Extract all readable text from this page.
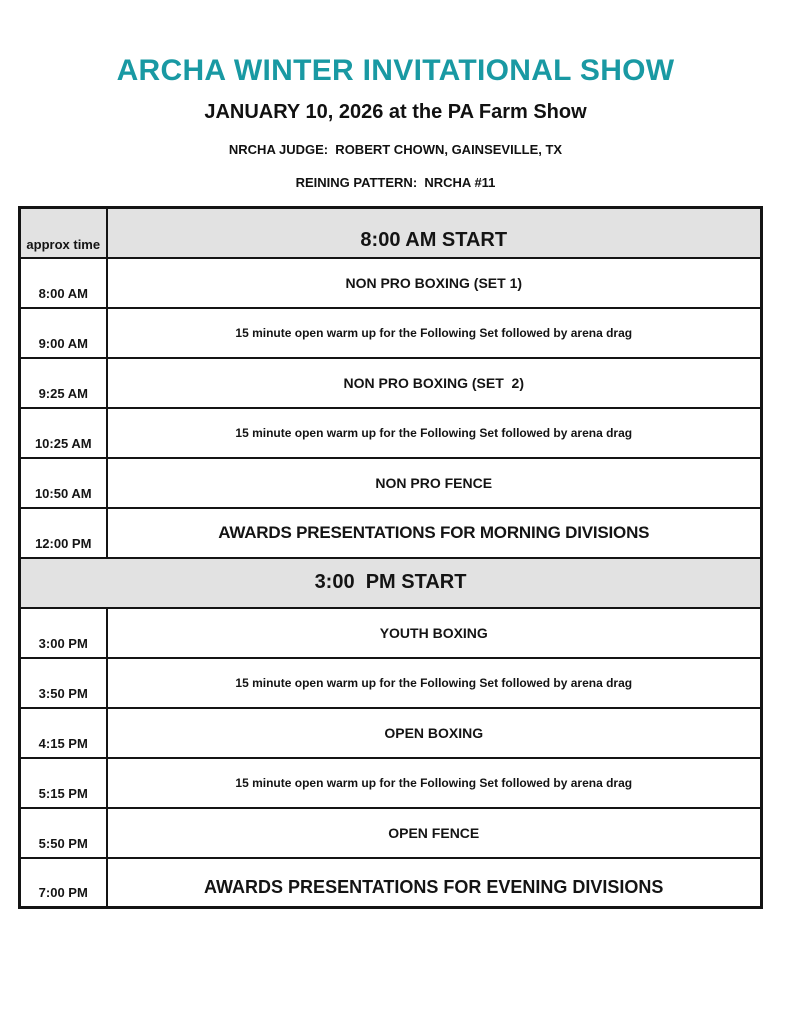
ARCHA WINTER INVITATIONAL SHOW
JANUARY 10, 2026 at the PA Farm Show
NRCHA JUDGE:  ROBERT CHOWN, GAINSEVILLE, TX
REINING PATTERN:  NRCHA #11
approx time	8:00 AM START
8:00 AM	NON PRO BOXING (SET 1)
9:00 AM	15 minute open warm up for the Following Set followed by arena drag
9:25 AM	NON PRO BOXING (SET  2)
10:25 AM	15 minute open warm up for the Following Set followed by arena drag
10:50 AM	NON PRO FENCE
12:00 PM	AWARDS PRESENTATIONS FOR MORNING DIVISIONS
3:00  PM START	
3:00 PM	YOUTH BOXING
3:50 PM	15 minute open warm up for the Following Set followed by arena drag
4:15 PM	OPEN BOXING
5:15 PM	15 minute open warm up for the Following Set followed by arena drag
5:50 PM	OPEN FENCE
7:00 PM	AWARDS PRESENTATIONS FOR EVENING DIVISIONS
